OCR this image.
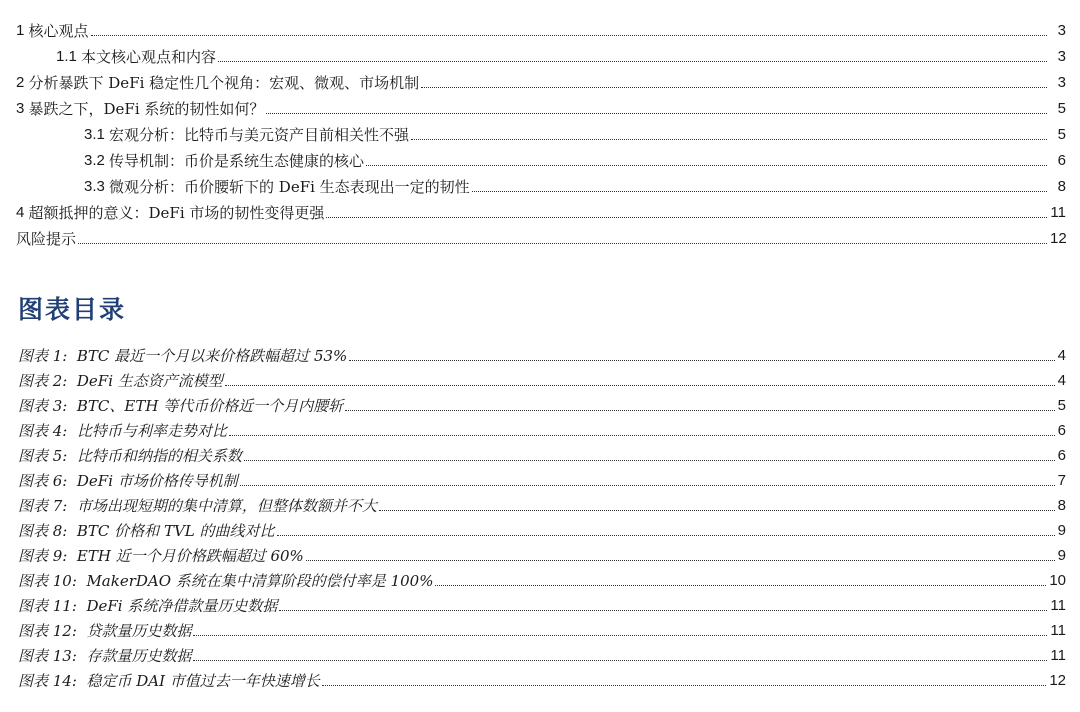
1 核心观点	3
1.1 本文核心观点和内容	3
2 分析暴跌下 DeFi 稳定性几个视角：宏观、微观、市场机制	3
3 暴跌之下，DeFi 系统的韧性如何？	5
3.1 宏观分析：比特币与美元资产目前相关性不强	5
3.2 传导机制：币价是系统生态健康的核心	6
3.3 微观分析：币价腰斩下的 DeFi 生态表现出一定的韧性	8
4 超额抵押的意义：DeFi 市场的韧性变得更强	11
风险提示	12
图表目录
图表 1:  BTC 最近一个月以来价格跌幅超过 53%	4
图表 2:  DeFi 生态资产流模型	4
图表 3:  BTC、ETH 等代币价格近一个月内腰斩	5
图表 4:  比特币与利率走势对比	6
图表 5:  比特币和纳指的相关系数	6
图表 6:  DeFi 市场价格传导机制	7
图表 7:  市场出现短期的集中清算，但整体数额并不大	8
图表 8:  BTC 价格和 TVL 的曲线对比	9
图表 9:  ETH 近一个月价格跌幅超过 60%	9
图表 10:  MakerDAO 系统在集中清算阶段的偿付率是 100%	10
图表 11:  DeFi 系统净借款量历史数据	11
图表 12:  贷款量历史数据	11
图表 13:  存款量历史数据	11
图表 14:  稳定币 DAI 市值过去一年快速增长	12
